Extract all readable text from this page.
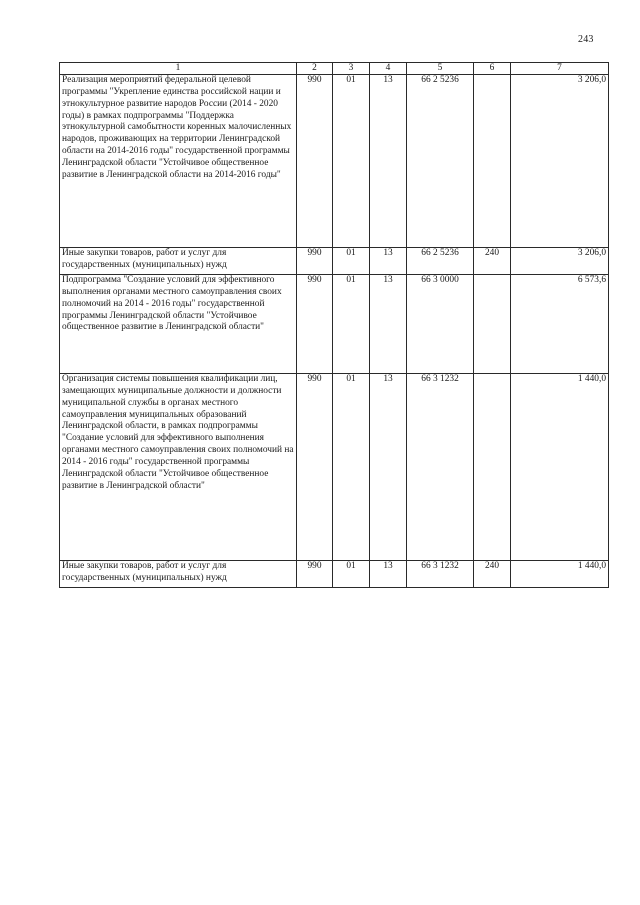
243
1	2	3	4	5	6	7
Реализация мероприятий федеральной целевой программы "Укрепление единства российской нации и этнокультурное развитие народов России (2014 - 2020 годы) в рамках подпрограммы "Поддержка этнокультурной самобытности коренных малочисленных народов, проживающих на территории Ленинградской области на 2014-2016 годы" государственной программы Ленинградской области "Устойчивое общественное развитие в Ленинградской области на 2014-2016 годы"	990	01	13	66 2 5236		3 206,0
Иные закупки товаров, работ и услуг для государственных (муниципальных) нужд	990	01	13	66 2 5236	240	3 206,0
Подпрограмма "Создание условий для эффективного выполнения органами местного самоуправления своих полномочий на 2014 - 2016 годы" государственной программы Ленинградской области "Устойчивое общественное развитие в Ленинградской области"	990	01	13	66 3 0000		6 573,6
Организация системы повышения квалификации лиц, замещающих муниципальные должности и должности муниципальной службы в органах местного самоуправления муниципальных образований Ленинградской области, в рамках подпрограммы "Создание условий для эффективного выполнения органами местного самоуправления своих полномочий на 2014 - 2016 годы" государственной программы Ленинградской области "Устойчивое общественное развитие в Ленинградской области"	990	01	13	66 3 1232		1 440,0
Иные закупки товаров, работ и услуг для государственных (муниципальных) нужд	990	01	13	66 3 1232	240	1 440,0
